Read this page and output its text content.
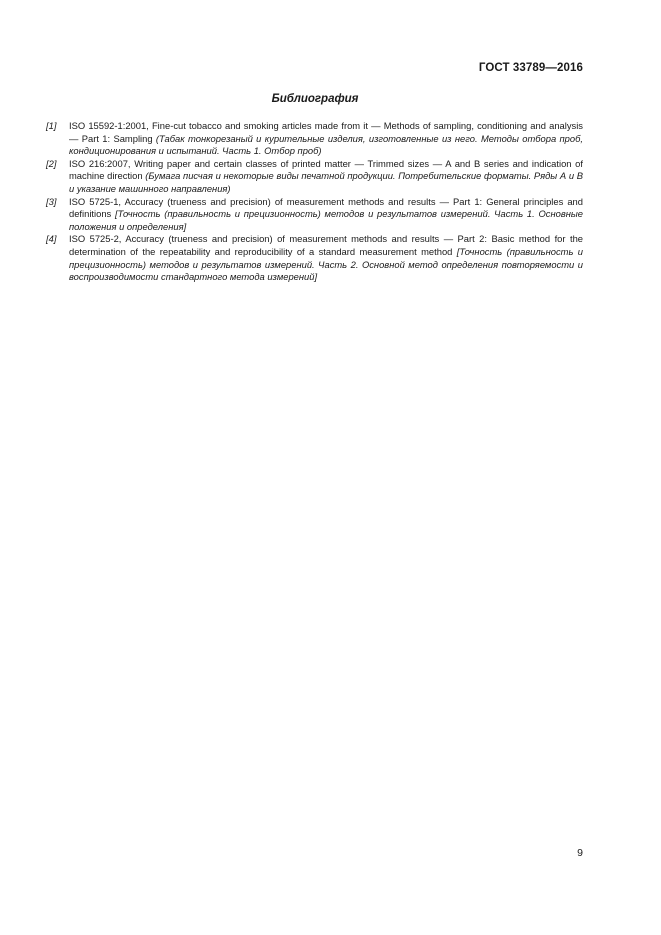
ГОСТ 33789—2016
Библиография
[1]	ISO 15592-1:2001, Fine-cut tobacco and smoking articles made from it — Methods of sampling, conditioning and analysis — Part 1: Sampling (Табак тонкорезаный и курительные изделия, изготовленные из него. Методы отбора проб, кондиционирования и испытаний. Часть 1. Отбор проб)
[2]	ISO 216:2007, Writing paper and certain classes of printed matter — Trimmed sizes — A and B series and indication of machine direction (Бумага писчая и некоторые виды печатной продукции. Потребительские форматы. Ряды А и В и указание машинного направления)
[3]	ISO 5725-1, Accuracy (trueness and precision) of measurement methods and results — Part 1: General principles and definitions [Точность (правильность и прецизионность) методов и результатов измерений. Часть 1. Основные положения и определения]
[4]	ISO 5725-2, Accuracy (trueness and precision) of measurement methods and results — Part 2: Basic method for the determination of the repeatability and reproducibility of a standard measurement method [Точность (правильность и прецизионность) методов и результатов измерений. Часть 2. Основной метод определения повторяемости и воспроизводимости стандартного метода измерений]
9
